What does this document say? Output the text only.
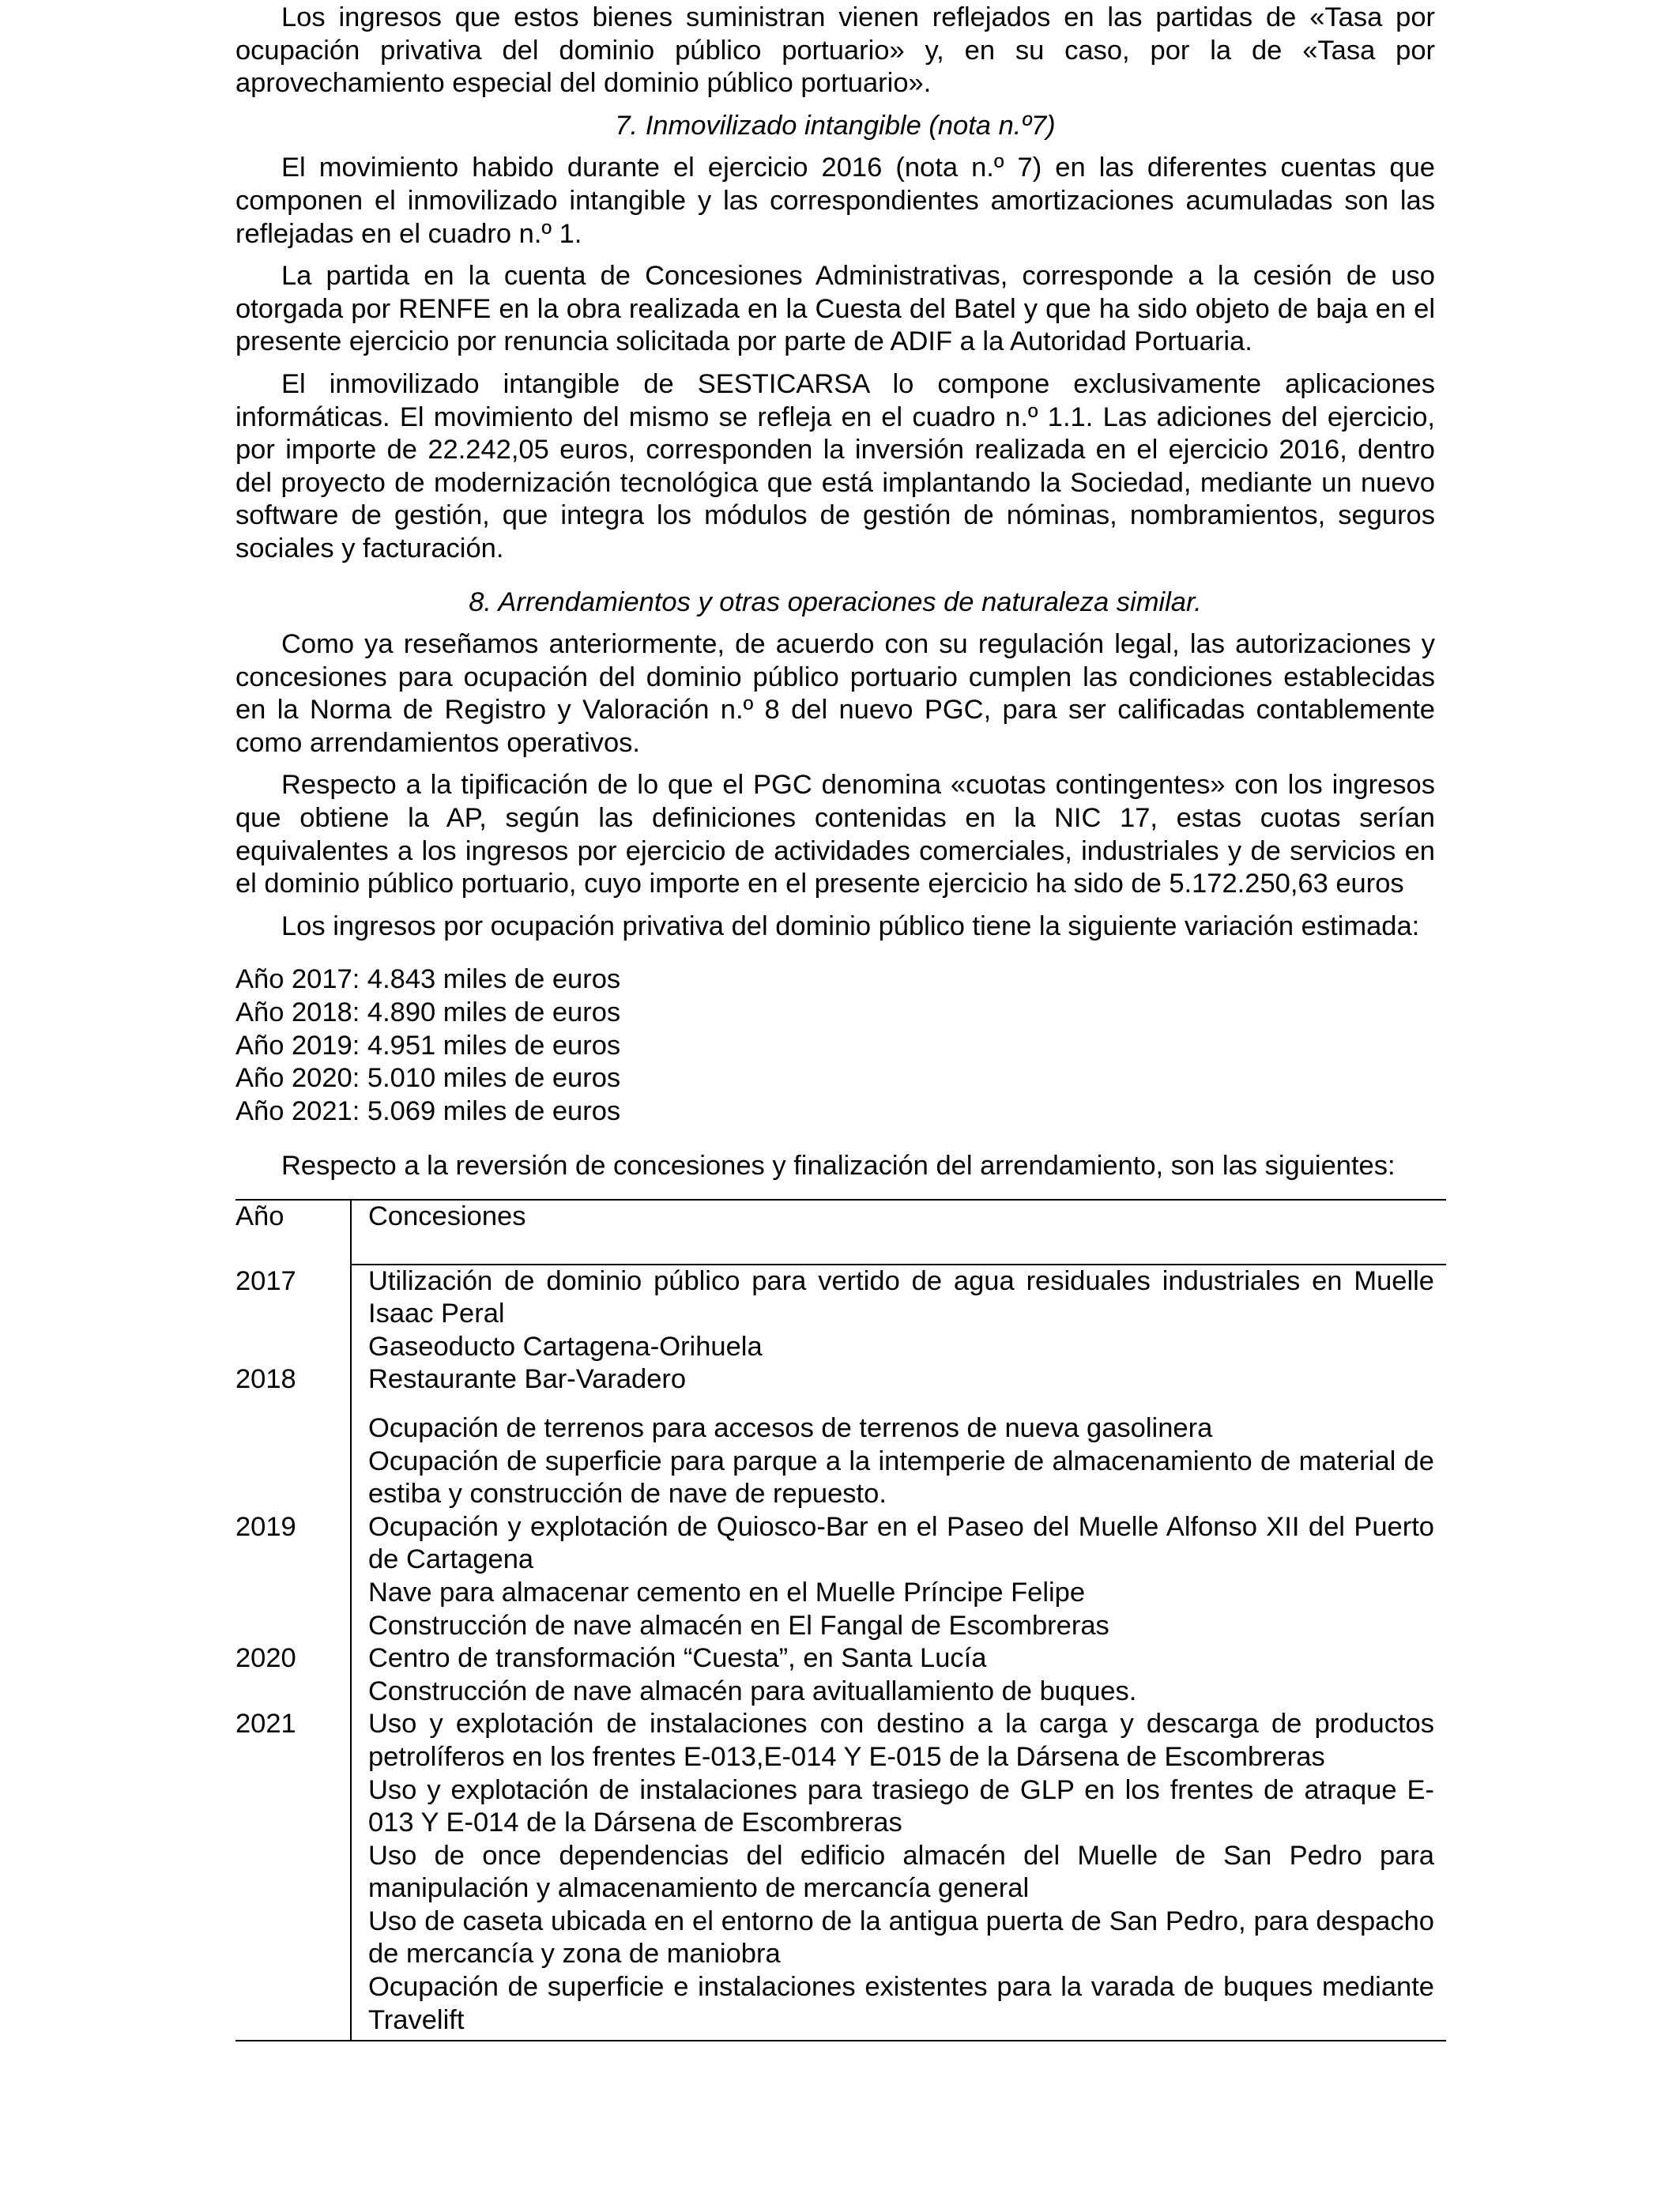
Los ingresos que estos bienes suministran vienen reflejados en las partidas de «Tasa por ocupación privativa del dominio público portuario» y, en su caso, por la de «Tasa por aprovechamiento especial del dominio público portuario».

7. Inmovilizado intangible (nota n.º7)

El movimiento habido durante el ejercicio 2016 (nota n.º 7) en las diferentes cuentas que componen el inmovilizado intangible y las correspondientes amortizaciones acumuladas son las reflejadas en el cuadro n.º 1.

La partida en la cuenta de Concesiones Administrativas, corresponde a la cesión de uso otorgada por RENFE en la obra realizada en la Cuesta del Batel y que ha sido objeto de baja en el presente ejercicio por renuncia solicitada por parte de ADIF a la Autoridad Portuaria.

El inmovilizado intangible de SESTICARSA lo compone exclusivamente aplicaciones informáticas. El movimiento del mismo se refleja en el cuadro n.º 1.1. Las adiciones del ejercicio, por importe de 22.242,05 euros, corresponden la inversión realizada en el ejercicio 2016, dentro del proyecto de modernización tecnológica que está implantando la Sociedad, mediante un nuevo software de gestión, que integra los módulos de gestión de nóminas, nombramientos, seguros sociales y facturación.

8. Arrendamientos y otras operaciones de naturaleza similar.

Como ya reseñamos anteriormente, de acuerdo con su regulación legal, las autorizaciones y concesiones para ocupación del dominio público portuario cumplen las condiciones establecidas en la Norma de Registro y Valoración n.º 8 del nuevo PGC, para ser calificadas contablemente como arrendamientos operativos.

Respecto a la tipificación de lo que el PGC denomina «cuotas contingentes» con los ingresos que obtiene la AP, según las definiciones contenidas en la NIC 17, estas cuotas serían equivalentes a los ingresos por ejercicio de actividades comerciales, industriales y de servicios en el dominio público portuario, cuyo importe en el presente ejercicio ha sido de 5.172.250,63 euros

Los ingresos por ocupación privativa del dominio público tiene la siguiente variación estimada:

Año 2017: 4.843 miles de euros
Año 2018: 4.890 miles de euros
Año 2019: 4.951 miles de euros
Año 2020: 5.010 miles de euros
Año 2021: 5.069 miles de euros

Respecto a la reversión de concesiones y finalización del arrendamiento, son las siguientes:

Año	Concesiones
2017	Utilización de dominio público para vertido de agua residuales industriales en Muelle Isaac Peral
Gaseoducto Cartagena-Orihuela
2018	Restaurante Bar-Varadero
Ocupación de terrenos para accesos de terrenos de nueva gasolinera
Ocupación de superficie para parque a la intemperie de almacenamiento de material de estiba y construcción de nave de repuesto.
2019	Ocupación y explotación de Quiosco-Bar en el Paseo del Muelle Alfonso XII del Puerto de Cartagena
Nave para almacenar cemento en el Muelle Príncipe Felipe
Construcción de nave almacén en El Fangal de Escombreras
2020	Centro de transformación “Cuesta”, en Santa Lucía
Construcción de nave almacén para avituallamiento de buques.
2021	Uso y explotación de instalaciones con destino a la carga y descarga de productos petrolíferos en los frentes E-013,E-014 Y E-015 de la Dársena de Escombreras
Uso y explotación de instalaciones para trasiego de GLP en los frentes de atraque E-013 Y E-014 de la Dársena de Escombreras
Uso de once dependencias del edificio almacén del Muelle de San Pedro para manipulación y almacenamiento de mercancía general
Uso de caseta ubicada en el entorno de la antigua puerta de San Pedro, para despacho de mercancía y zona de maniobra
Ocupación de superficie e instalaciones existentes para la varada de buques mediante Travelift
